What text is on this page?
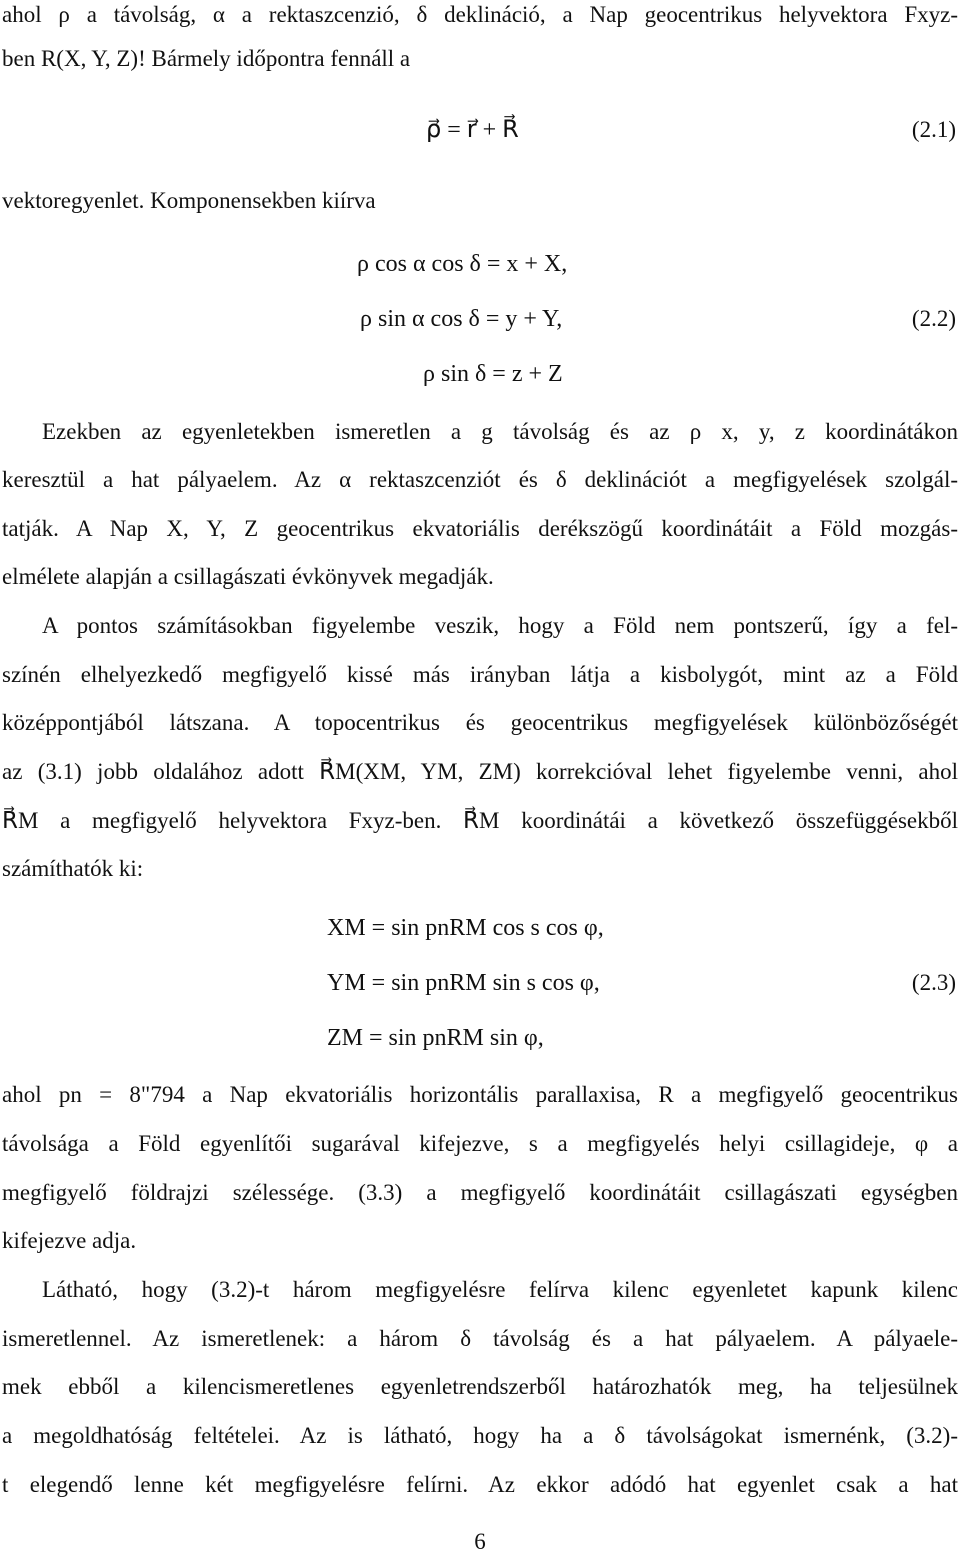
ahol ρ a távolság, α a rektaszcenzió, δ deklináció, a Nap geocentrikus helyvektora Fxyz-
ben R(X, Y, Z)! Bármely időpontra fennáll a
ρ⃗ = r⃗ + R⃗	(2.1)
vektoregyenlet. Komponensekben kiírva
ρ cos α cos δ = x + X,
ρ sin α cos δ = y + Y,
ρ sin δ = z + Z
(2.2)
Ezekben az egyenletekben ismeretlen a g távolság és az ρ x, y, z koordinátákon
keresztül a hat pályaelem. Az α rektaszcenziót és δ deklinációt a megfigyelések szolgál-
tatják. A Nap X, Y, Z geocentrikus ekvatoriális derékszögű koordinátáit a Föld mozgás-
elmélete alapján a csillagászati évkönyvek megadják.
A pontos számításokban figyelembe veszik, hogy a Föld nem pontszerű, így a fel-
színén elhelyezkedő megfigyelő kissé más irányban látja a kisbolygót, mint az a Föld
középpontjából látszana. A topocentrikus és geocentrikus megfigyelések különbözőségét
az (3.1) jobb oldalához adott R⃗M(XM, YM, ZM) korrekcióval lehet figyelembe venni, ahol
R⃗M a megfigyelő helyvektora Fxyz-ben. R⃗M koordinátái a következő összefüggésekből
számíthatók ki:
XM = sin pnRM cos s cos φ,
YM = sin pnRM sin s cos φ,
ZM = sin pnRM sin φ,
(2.3)
ahol pn = 8"794 a Nap ekvatoriális horizontális parallaxisa, R a megfigyelő geocentrikus
távolsága a Föld egyenlítői sugarával kifejezve, s a megfigyelés helyi csillagideje, φ a
megfigyelő földrajzi szélessége. (3.3) a megfigyelő koordinátáit csillagászati egységben
kifejezve adja.
Látható, hogy (3.2)-t három megfigyelésre felírva kilenc egyenletet kapunk kilenc
ismeretlennel. Az ismeretlenek: a három δ távolság és a hat pályaelem. A pályaele-
mek ebből a kilencismeretlenes egyenletrendszerből határozhatók meg, ha teljesülnek
a megoldhatóság feltételei. Az is látható, hogy ha a δ távolságokat ismernénk, (3.2)-
t elegendő lenne két megfigyelésre felírni. Az ekkor adódó hat egyenlet csak a hat
6
